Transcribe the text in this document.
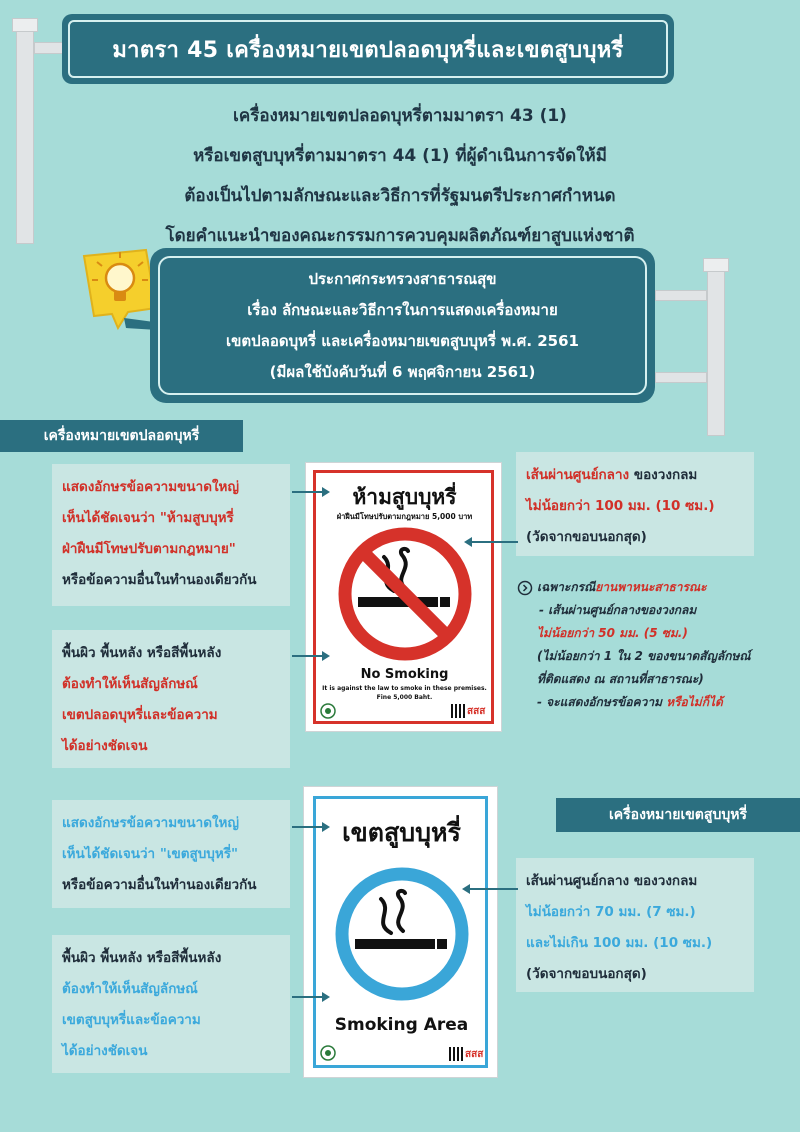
มาตรา 45 เครื่องหมายเขตปลอดบุหรี่และเขตสูบบุหรี่
เครื่องหมายเขตปลอดบุหรี่ตามมาตรา 43 (1)
หรือเขตสูบบุหรี่ตามมาตรา 44 (1) ที่ผู้ดำเนินการจัดให้มี
ต้องเป็นไปตามลักษณะและวิธีการที่รัฐมนตรีประกาศกำหนด
โดยคำแนะนำของคณะกรรมการควบคุมผลิตภัณฑ์ยาสูบแห่งชาติ
ประกาศกระทรวงสาธารณสุข
เรื่อง ลักษณะและวิธีการในการแสดงเครื่องหมาย
เขตปลอดบุหรี่ และเครื่องหมายเขตสูบบุหรี่ พ.ศ. 2561
(มีผลใช้บังคับวันที่ 6 พฤศจิกายน 2561)
เครื่องหมายเขตปลอดบุหรี่
แสดงอักษรข้อความขนาดใหญ่
เห็นได้ชัดเจนว่า "ห้ามสูบบุหรี่
ฝ่าฝืนมีโทษปรับตามกฎหมาย"
หรือข้อความอื่นในทำนองเดียวกัน
พื้นผิว พื้นหลัง หรือสีพื้นหลัง
ต้องทำให้เห็นสัญลักษณ์
เขตปลอดบุหรี่และข้อความ
ได้อย่างชัดเจน
เส้นผ่านศูนย์กลาง ของวงกลม
ไม่น้อยกว่า 100 มม. (10 ซม.)
(วัดจากขอบนอกสุด)
เฉพาะกรณียานพาหนะสาธารณะ
- เส้นผ่านศูนย์กลางของวงกลม
ไม่น้อยกว่า 50 มม. (5 ซม.)
(ไม่น้อยกว่า 1 ใน 2 ของขนาดสัญลักษณ์
ที่ติดแสดง ณ สถานที่สาธารณะ)
- จะแสดงอักษรข้อความ หรือไม่ก็ได้
ห้ามสูบบุหรี่
ฝ่าฝืนมีโทษปรับตามกฎหมาย 5,000 บาท
No Smoking
It is against the law to smoke in these premises.
Fine 5,000 Baht.
สสส
เครื่องหมายเขตสูบบุหรี่
แสดงอักษรข้อความขนาดใหญ่
เห็นได้ชัดเจนว่า "เขตสูบบุหรี่"
หรือข้อความอื่นในทำนองเดียวกัน
พื้นผิว พื้นหลัง หรือสีพื้นหลัง
ต้องทำให้เห็นสัญลักษณ์
เขตสูบบุหรี่และข้อความ
ได้อย่างชัดเจน
เส้นผ่านศูนย์กลาง ของวงกลม
ไม่น้อยกว่า 70 มม. (7 ซม.)
และไม่เกิน 100 มม. (10 ซม.)
(วัดจากขอบนอกสุด)
เขตสูบบุหรี่
Smoking Area
สสส
